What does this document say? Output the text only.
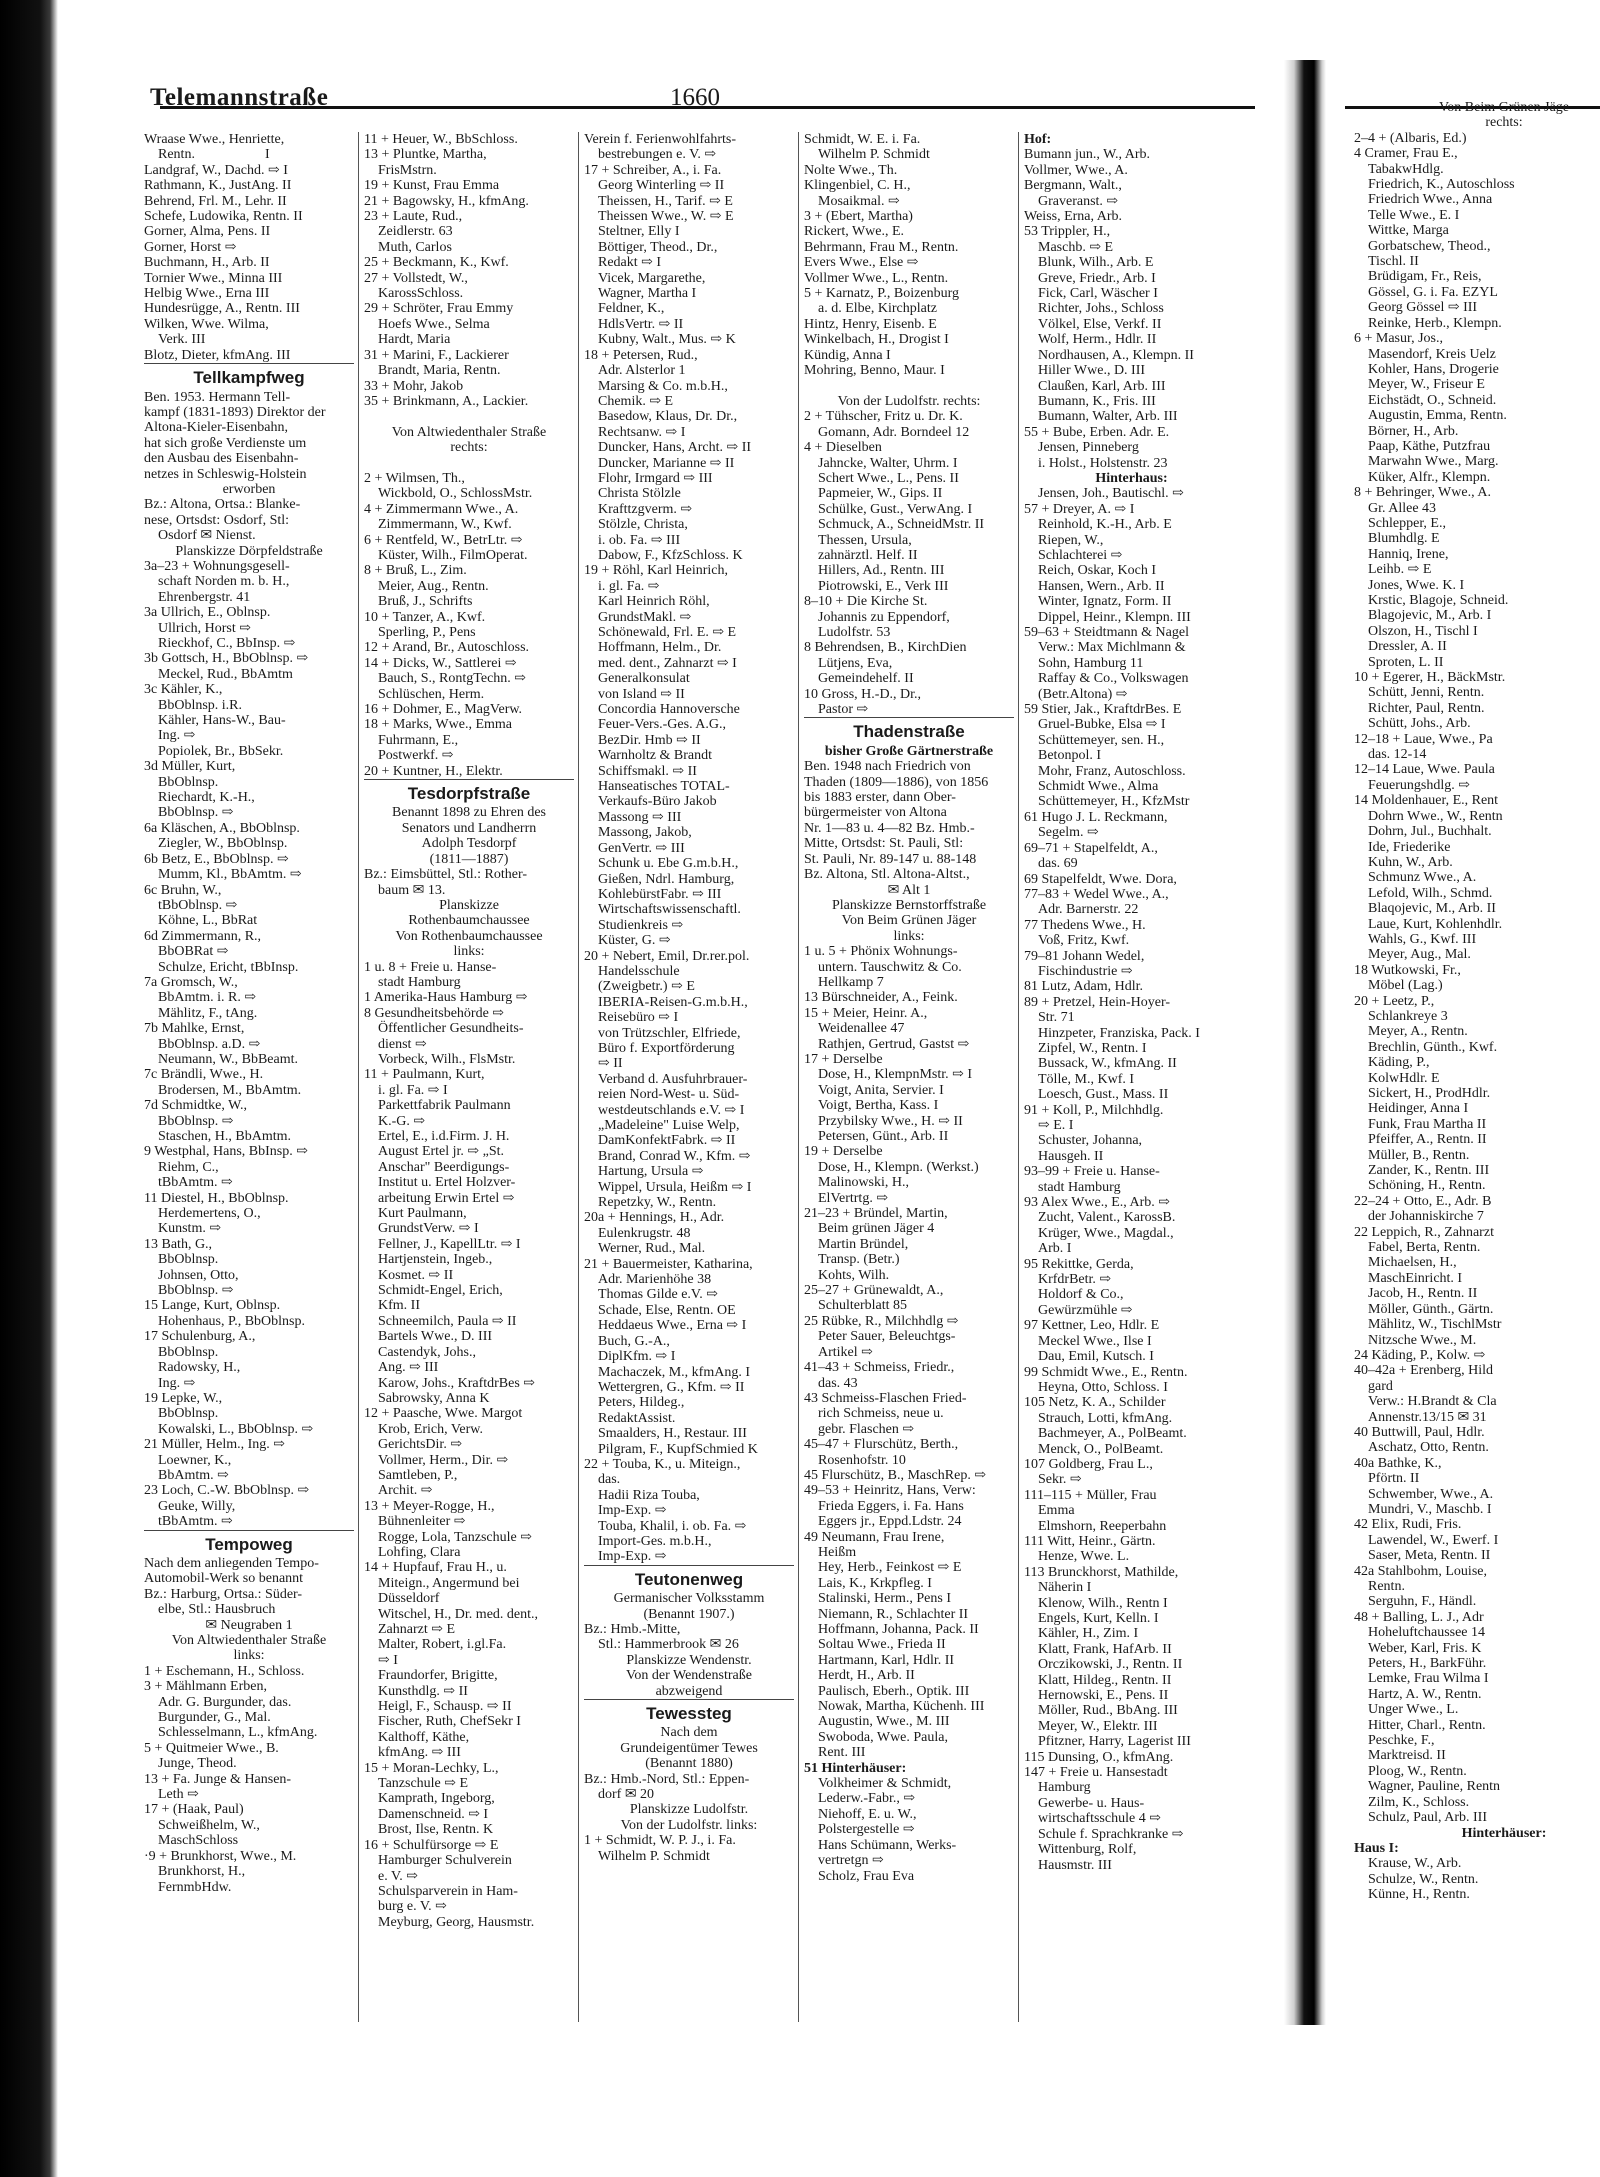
Telemannstraße	1660
Wraase Wwe., Henriette,
Rentn.                    I
Landgraf, W., Dachd. ⇨ I
Rathmann, K., JustAng. II
Behrend, Frl. M., Lehr. II
Schefe, Ludowika, Rentn. II
Gorner, Alma, Pens. II
Gorner, Horst ⇨
Buchmann, H., Arb. II
Tornier Wwe., Minna III
Helbig Wwe., Erna III
Hundesrügge, A., Rentn. III
Wilken, Wwe. Wilma,
Verk. III
Blotz, Dieter, kfmAng. III
Tellkampfweg
Ben. 1953. Hermann Tell-
kampf (1831-1893) Direktor der
Altona-Kieler-Eisenbahn,
hat sich große Verdienste um
den Ausbau des Eisenbahn-
netzes in Schleswig-Holstein
erworben
Bz.: Altona, Ortsa.: Blanke-
nese, Ortsdst: Osdorf, Stl:
Osdorf ✉ Nienst.
Planskizze Dörpfeldstraße
3a–23 + Wohnungsgesell-
schaft Norden m. b. H.,
Ehrenbergstr. 41
3a Ullrich, E., Oblnsp.
Ullrich, Horst ⇨
Rieckhof, C., BbInsp. ⇨
3b Gottsch, H., BbOblnsp. ⇨
Meckel, Rud., BbAmtm
3c Kähler, K.,
BbOblnsp. i.R.
Kähler, Hans-W., Bau-
Ing. ⇨
Popiolek, Br., BbSekr.
3d Müller, Kurt,
BbOblnsp.
Riechardt, K.-H.,
BbOblnsp. ⇨
6a Kläschen, A., BbOblnsp.
Ziegler, W., BbOblnsp.
6b Betz, E., BbOblnsp. ⇨
Mumm, Kl., BbAmtm. ⇨
6c Bruhn, W.,
tBbOblnsp. ⇨
Köhne, L., BbRat
6d Zimmermann, R.,
BbOBRat ⇨
Schulze, Ericht, tBbInsp.
7a Gromsch, W.,
BbAmtm. i. R. ⇨
Mählitz, F., tAng.
7b Mahlke, Ernst,
BbOblnsp. a.D. ⇨
Neumann, W., BbBeamt.
7c Brändli, Wwe., H.
Brodersen, M., BbAmtm.
7d Schmidtke, W.,
BbOblnsp. ⇨
Staschen, H., BbAmtm.
9 Westphal, Hans, BbInsp. ⇨
Riehm, C.,
tBbAmtm. ⇨
11 Diestel, H., BbOblnsp.
Herdemertens, O.,
Kunstm. ⇨
13 Bath, G.,
BbOblnsp.
Johnsen, Otto,
BbOblnsp. ⇨
15 Lange, Kurt, Oblnsp.
Hohenhaus, P., BbOblnsp.
17 Schulenburg, A.,
BbOblnsp.
Radowsky, H.,
Ing. ⇨
19 Lepke, W.,
BbOblnsp.
Kowalski, L., BbOblnsp. ⇨
21 Müller, Helm., Ing. ⇨
Loewner, K.,
BbAmtm. ⇨
23 Loch, C.-W. BbOblnsp. ⇨
Geuke, Willy,
tBbAmtm. ⇨
Tempoweg
Nach dem anliegenden Tempo-
Automobil-Werk so benannt
Bz.: Harburg, Ortsa.: Süder-
elbe, Stl.: Hausbruch
✉ Neugraben 1
Von Altwiedenthaler Straße
links:
1 + Eschemann, H., Schloss.
3 + Mählmann Erben,
Adr. G. Burgunder, das.
Burgunder, G., Mal.
Schlesselmann, L., kfmAng.
5 + Quitmeier Wwe., B.
Junge, Theod.
13 + Fa. Junge & Hansen-
Leth ⇨
17 + (Haak, Paul)
Schweißhelm, W.,
MaschSchloss
·9 + Brunkhorst, Wwe., M.
Brunkhorst, H.,
FernmbHdw.
11 + Heuer, W., BbSchloss.
13 + Pluntke, Martha,
FrisMstrn.
19 + Kunst, Frau Emma
21 + Bagowsky, H., kfmAng.
23 + Laute, Rud.,
Zeidlerstr. 63
Muth, Carlos
25 + Beckmann, K., Kwf.
27 + Vollstedt, W.,
KarossSchloss.
29 + Schröter, Frau Emmy
Hoefs Wwe., Selma
Hardt, Maria
31 + Marini, F., Lackierer
Brandt, Maria, Rentn.
33 + Mohr, Jakob
35 + Brinkmann, A., Lackier.

Von Altwiedenthaler Straße
rechts:

2 + Wilmsen, Th.,
Wickbold, O., SchlossMstr.
4 + Zimmermann Wwe., A.
Zimmermann, W., Kwf.
6 + Rentfeld, W., BetrLtr. ⇨
Küster, Wilh., FilmOperat.
8 + Bruß, L., Zim.
Meier, Aug., Rentn.
Bruß, J., Schrifts
10 + Tanzer, A., Kwf.
Sperling, P., Pens
12 + Arand, Br., Autoschloss.
14 + Dicks, W., Sattlerei ⇨
Bauch, S., RontgTechn. ⇨
Schlüschen, Herm.
16 + Dohmer, E., MagVerw.
18 + Marks, Wwe., Emma
Fuhrmann, E.,
Postwerkf. ⇨
20 + Kuntner, H., Elektr.
Tesdorpfstraße
Benannt 1898 zu Ehren des
Senators und Landherrn
Adolph Tesdorpf
(1811—1887)
Bz.: Eimsbüttel, Stl.: Rother-
baum ✉ 13.
Planskizze
Rothenbaumchaussee
Von Rothenbaumchaussee
links:
1 u. 8 + Freie u. Hanse-
stadt Hamburg
1 Amerika-Haus Hamburg ⇨
8 Gesundheitsbehörde ⇨
Öffentlicher Gesundheits-
dienst ⇨
Vorbeck, Wilh., FlsMstr.
11 + Paulmann, Kurt,
i. gl. Fa. ⇨ I
Parkettfabrik Paulmann
K.-G. ⇨
Ertel, E., i.d.Firm. J. H.
August Ertel jr. ⇨ „St.
Anschar" Beerdigungs-
Institut u. Ertel Holzver-
arbeitung Erwin Ertel ⇨
Kurt Paulmann,
GrundstVerw. ⇨ I
Fellner, J., KapellLtr. ⇨ I
Hartjenstein, Ingeb.,
Kosmet. ⇨ II
Schmidt-Engel, Erich,
Kfm. II
Schneemilch, Paula ⇨ II
Bartels Wwe., D. III
Castendyk, Johs.,
Ang. ⇨ III
Karow, Johs., KraftdrBes ⇨
Sabrowsky, Anna K
12 + Paasche, Wwe. Margot
Krob, Erich, Verw.
GerichtsDir. ⇨
Vollmer, Herm., Dir. ⇨
Samtleben, P.,
Archit. ⇨
13 + Meyer-Rogge, H.,
Bühnenleiter ⇨
Rogge, Lola, Tanzschule ⇨
Lohfing, Clara
14 + Hupfauf, Frau H., u.
Miteign., Angermund bei
Düsseldorf
Witschel, H., Dr. med. dent.,
Zahnarzt ⇨ E
Malter, Robert, i.gl.Fa.
⇨ I
Fraundorfer, Brigitte,
Kunsthdlg. ⇨ II
Heigl, F., Schausp. ⇨ II
Fischer, Ruth, ChefSekr I
Kalthoff, Käthe,
kfmAng. ⇨ III
15 + Moran-Lechky, L.,
Tanzschule ⇨ E
Kamprath, Ingeborg,
Damenschneid. ⇨ I
Brost, Ilse, Rentn. K
16 + Schulfürsorge ⇨ E
Hamburger Schulverein
e. V. ⇨
Schulsparverein in Ham-
burg e. V. ⇨
Meyburg, Georg, Hausmstr.
Verein f. Ferienwohlfahrts-
bestrebungen e. V. ⇨
17 + Schreiber, A., i. Fa.
Georg Winterling ⇨ II
Theissen, H., Tarif. ⇨ E
Theissen Wwe., W. ⇨ E
Steltner, Elly I
Böttiger, Theod., Dr.,
Redakt ⇨ I
Vicek, Margarethe,
Wagner, Martha I
Feldner, K.,
HdlsVertr. ⇨ II
Kubny, Walt., Mus. ⇨ K
18 + Petersen, Rud.,
Adr. Alsterlor 1
Marsing & Co. m.b.H.,
Chemik. ⇨ E
Basedow, Klaus, Dr. Dr.,
Rechtsanw. ⇨ I
Duncker, Hans, Archt. ⇨ II
Duncker, Marianne ⇨ II
Flohr, Irmgard ⇨ III
Christa Stölzle
Krafttzgverm. ⇨
Stölzle, Christa,
i. ob. Fa. ⇨ III
Dabow, F., KfzSchloss. K
19 + Röhl, Karl Heinrich,
i. gl. Fa. ⇨
Karl Heinrich Röhl,
GrundstMakl. ⇨
Schönewald, Frl. E. ⇨ E
Hoffmann, Helm., Dr.
med. dent., Zahnarzt ⇨ I
Generalkonsulat
von Island ⇨ II
Concordia Hannoversche
Feuer-Vers.-Ges. A.G.,
BezDir. Hmb ⇨ II
Warnholtz & Brandt
Schiffsmakl. ⇨ II
Hanseatisches TOTAL-
Verkaufs-Büro Jakob
Massong ⇨ III
Massong, Jakob,
GenVertr. ⇨ III
Schunk u. Ebe G.m.b.H.,
Gießen, Ndrl. Hamburg,
KohlebürstFabr. ⇨ III
Wirtschaftswissenschaftl.
Studienkreis ⇨
Küster, G. ⇨
20 + Nebert, Emil, Dr.rer.pol.
Handelsschule
(Zweigbetr.) ⇨ E
IBERIA-Reisen-G.m.b.H.,
Reisebüro ⇨ I
von Trützschler, Elfriede,
Büro f. Exportförderung
⇨ II
Verband d. Ausfuhrbrauer-
reien Nord-West- u. Süd-
westdeutschlands e.V. ⇨ I
„Madeleine" Luise Welp,
DamKonfektFabrk. ⇨ II
Brand, Conrad W., Kfm. ⇨
Hartung, Ursula ⇨
Wippel, Ursula, Heißm ⇨ I
Repetzky, W., Rentn.
20a + Hennings, H., Adr.
Eulenkrugstr. 48
Werner, Rud., Mal.
21 + Bauermeister, Katharina,
Adr. Marienhöhe 38
Thomas Gilde e.V. ⇨
Schade, Else, Rentn. OE
Heddaeus Wwe., Erna ⇨ I
Buch, G.-A.,
DiplKfm. ⇨ I
Machaczek, M., kfmAng. I
Wettergren, G., Kfm. ⇨ II
Peters, Hildeg.,
RedaktAssist.
Smaalders, H., Restaur. III
Pilgram, F., KupfSchmied K
22 + Touba, K., u. Miteign.,
das.
Hadii Riza Touba,
Imp-Exp. ⇨
Touba, Khalil, i. ob. Fa. ⇨
Import-Ges. m.b.H.,
Imp-Exp. ⇨
Teutonenweg
Germanischer Volksstamm
(Benannt 1907.)
Bz.: Hmb.-Mitte,
Stl.: Hammerbrook ✉ 26
Planskizze Wendenstr.
Von der Wendenstraße
abzweigend
Tewessteg
Nach dem
Grundeigentümer Tewes
(Benannt 1880)
Bz.: Hmb.-Nord, Stl.: Eppen-
dorf ✉ 20
Planskizze Ludolfstr.
Von der Ludolfstr. links:
1 + Schmidt, W. P. J., i. Fa.
Wilhelm P. Schmidt
Schmidt, W. E. i. Fa.
Wilhelm P. Schmidt
Nolte Wwe., Th.
Klingenbiel, C. H.,
Mosaikmal. ⇨
3 + (Ebert, Martha)
Rickert, Wwe., E.
Behrmann, Frau M., Rentn.
Evers Wwe., Else ⇨
Vollmer Wwe., L., Rentn.
5 + Karnatz, P., Boizenburg
a. d. Elbe, Kirchplatz
Hintz, Henry, Eisenb. E
Winkelbach, H., Drogist I
Kündig, Anna I
Mohring, Benno, Maur. I

Von der Ludolfstr. rechts:
2 + Tühscher, Fritz u. Dr. K.
Gomann, Adr. Borndeel 12
4 + Dieselben
Jahncke, Walter, Uhrm. I
Schert Wwe., L., Pens. II
Papmeier, W., Gips. II
Schülke, Gust., VerwAng. I
Schmuck, A., SchneidMstr. II
Thessen, Ursula,
zahnärztl. Helf. II
Hillers, Ad., Rentn. III
Piotrowski, E., Verk III
8–10 + Die Kirche St.
Johannis zu Eppendorf,
Ludolfstr. 53
8 Behrendsen, B., KirchDien
Lütjens, Eva,
Gemeindehelf. II
10 Gross, H.-D., Dr.,
Pastor ⇨
Thadenstraße
bisher Große Gärtnerstraße
Ben. 1948 nach Friedrich von
Thaden (1809—1886), von 1856
bis 1883 erster, dann Ober-
bürgermeister von Altona
Nr. 1—83 u. 4—82 Bz. Hmb.-
Mitte, Ortsdst: St. Pauli, Stl:
St. Pauli, Nr. 89-147 u. 88-148
Bz. Altona, Stl. Altona-Altst.,
✉ Alt 1
Planskizze Bernstorffstraße
Von Beim Grünen Jäger
links:
1 u. 5 + Phönix Wohnungs-
untern. Tauschwitz & Co.
Hellkamp 7
13 Bürschneider, A., Feink.
15 + Meier, Heinr. A.,
Weidenallee 47
Rathjen, Gertrud, Gastst ⇨
17 + Derselbe
Dose, H., KlempnMstr. ⇨ I
Voigt, Anita, Servier. I
Voigt, Bertha, Kass. I
Przybilsky Wwe., H. ⇨ II
Petersen, Günt., Arb. II
19 + Derselbe
Dose, H., Klempn. (Werkst.)
Malinowski, H.,
ElVertrtg. ⇨
21–23 + Bründel, Martin,
Beim grünen Jäger 4
Martin Bründel,
Transp. (Betr.)
Kohts, Wilh.
25–27 + Grünewaldt, A.,
Schulterblatt 85
25 Rübke, R., Milchhdlg ⇨
Peter Sauer, Beleuchtgs-
Artikel ⇨
41–43 + Schmeiss, Friedr.,
das. 43
43 Schmeiss-Flaschen Fried-
rich Schmeiss, neue u.
gebr. Flaschen ⇨
45–47 + Flurschütz, Berth.,
Rosenhofstr. 10
45 Flurschütz, B., MaschRep. ⇨
49–53 + Heinritz, Hans, Verw:
Frieda Eggers, i. Fa. Hans
Eggers jr., Eppd.Ldstr. 24
49 Neumann, Frau Irene,
Heißm
Hey, Herb., Feinkost ⇨ E
Lais, K., Krkpfleg. I
Stalinski, Herm., Pens I
Niemann, R., Schlachter II
Hoffmann, Johanna, Pack. II
Soltau Wwe., Frieda II
Hartmann, Karl, Hdlr. II
Herdt, H., Arb. II
Paulisch, Eberh., Optik. III
Nowak, Martha, Küchenh. III
Augustin, Wwe., M. III
Swoboda, Wwe. Paula,
Rent. III
51 Hinterhäuser:
Volkheimer & Schmidt,
Lederw.-Fabr., ⇨
Niehoff, E. u. W.,
Polstergestelle ⇨
Hans Schümann, Werks-
vertretgn ⇨
Scholz, Frau Eva
Hof:
Bumann jun., W., Arb.
Vollmer, Wwe., A.
Bergmann, Walt.,
Graveranst. ⇨
Weiss, Erna, Arb.
53 Trippler, H.,
Maschb. ⇨ E
Blunk, Wilh., Arb. E
Greve, Friedr., Arb. I
Fick, Carl, Wäscher I
Richter, Johs., Schloss
Völkel, Else, Verkf. II
Wolf, Herm., Hdlr. II
Nordhausen, A., Klempn. II
Hiller Wwe., D. III
Claußen, Karl, Arb. III
Bumann, K., Fris. III
Bumann, Walter, Arb. III
55 + Bube, Erben. Adr. E.
Jensen, Pinneberg
i. Holst., Holstenstr. 23
Hinterhaus:
Jensen, Joh., Bautischl. ⇨
57 + Dreyer, A. ⇨ I
Reinhold, K.-H., Arb. E
Riepen, W.,
Schlachterei ⇨
Reich, Oskar, Koch I
Hansen, Wern., Arb. II
Winter, Ignatz, Form. II
Dippel, Heinr., Klempn. III
59–63 + Steidtmann & Nagel
Verw.: Max Michlmann &
Sohn, Hamburg 11
Raffay & Co., Volkswagen
(Betr.Altona) ⇨
59 Stier, Jak., KraftdrBes. E
Gruel-Bubke, Elsa ⇨ I
Schüttemeyer, sen. H.,
Betonpol. I
Mohr, Franz, Autoschloss.
Schmidt Wwe., Alma
Schüttemeyer, H., KfzMstr
61 Hugo J. L. Reckmann,
Segelm. ⇨
69–71 + Stapelfeldt, A.,
das. 69
69 Stapelfeldt, Wwe. Dora,
77–83 + Wedel Wwe., A.,
Adr. Barnerstr. 22
77 Thedens Wwe., H.
Voß, Fritz, Kwf.
79–81 Johann Wedel,
Fischindustrie ⇨
81 Lutz, Adam, Hdlr.
89 + Pretzel, Hein-Hoyer-
Str. 71
Hinzpeter, Franziska, Pack. I
Zipfel, W., Rentn. I
Bussack, W., kfmAng. II
Tölle, M., Kwf. I
Loesch, Gust., Mass. II
91 + Koll, P., Milchhdlg.
⇨ E. I
Schuster, Johanna,
Hausgeh. II
93–99 + Freie u. Hanse-
stadt Hamburg
93 Alex Wwe., E., Arb. ⇨
Zucht, Valent., KarossB.
Krüger, Wwe., Magdal.,
Arb. I
95 Rekittke, Gerda,
KrfdrBetr. ⇨
Holdorf & Co.,
Gewürzmühle ⇨
97 Kettner, Leo, Hdlr. E
Meckel Wwe., Ilse I
Dau, Emil, Kutsch. I
99 Schmidt Wwe., E., Rentn.
Heyna, Otto, Schloss. I
105 Netz, K. A., Schilder
Strauch, Lotti, kfmAng.
Bachmeyer, A., PolBeamt.
Menck, O., PolBeamt.
107 Goldberg, Frau L.,
Sekr. ⇨
111–115 + Müller, Frau
Emma
Elmshorn, Reeperbahn
111 Witt, Heinr., Gärtn.
Henze, Wwe. L.
113 Brunckhorst, Mathilde,
Näherin I
Klenow, Wilh., Rentn I
Engels, Kurt, Kelln. I
Kähler, H., Zim. I
Klatt, Frank, HafArb. II
Orczikowski, J., Rentn. II
Klatt, Hildeg., Rentn. II
Hernowski, E., Pens. II
Möller, Rud., BbAng. III
Meyer, W., Elektr. III
Pfitzner, Harry, Lagerist III
115 Dunsing, O., kfmAng.
147 + Freie u. Hansestadt
Hamburg
Gewerbe- u. Haus-
wirtschaftsschule 4 ⇨
Schule f. Sprachkranke ⇨
Wittenburg, Rolf,
Hausmstr. III
Von Beim Grünen Jäge
rechts:
2–4 + (Albaris, Ed.)
4 Cramer, Frau E.,
TabakwHdlg.
Friedrich, K., Autoschloss
Friedrich Wwe., Anna
Telle Wwe., E. I
Wittke, Marga
Gorbatschew, Theod.,
Tischl. II
Brüdigam, Fr., Reis,
Gössel, G. i. Fa. EZYL
Georg Gössel ⇨ III
Reinke, Herb., Klempn.
6 + Masur, Jos.,
Masendorf, Kreis Uelz
Kohler, Hans, Drogerie
Meyer, W., Friseur E
Eichstädt, O., Schneid.
Augustin, Emma, Rentn.
Börner, H., Arb.
Paap, Käthe, Putzfrau
Marwahn Wwe., Marg.
Küker, Alfr., Klempn.
8 + Behringer, Wwe., A.
Gr. Allee 43
Schlepper, E.,
Blumhdlg. E
Hanniq, Irene,
Leihb. ⇨ E
Jones, Wwe. K. I
Krstic, Blagoje, Schneid.
Blagojevic, M., Arb. I
Olszon, H., Tischl I
Dressler, A. II
Sproten, L. II
10 + Egerer, H., BäckMstr.
Schütt, Jenni, Rentn.
Richter, Paul, Rentn.
Schütt, Johs., Arb.
12–18 + Laue, Wwe., Pa
das. 12-14
12–14 Laue, Wwe. Paula
Feuerungshdlg. ⇨
14 Moldenhauer, E., Rent
Dohrn Wwe., W., Rentn
Dohrn, Jul., Buchhalt.
Ide, Friederike
Kuhn, W., Arb.
Schmunz Wwe., A.
Lefold, Wilh., Schmd.
Blaqojevic, M., Arb. II
Laue, Kurt, Kohlenhdlr.
Wahls, G., Kwf. III
Meyer, Aug., Mal.
18 Wutkowski, Fr.,
Möbel (Lag.)
20 + Leetz, P.,
Schlankreye 3
Meyer, A., Rentn.
Brechlin, Günth., Kwf.
Käding, P.,
KolwHdlr. E
Sickert, H., ProdHdlr.
Heidinger, Anna I
Funk, Frau Martha II
Pfeiffer, A., Rentn. II
Müller, B., Rentn.
Zander, K., Rentn. III
Schöning, H., Rentn.
22–24 + Otto, E., Adr. B
der Johanniskirche 7
22 Leppich, R., Zahnarzt
Fabel, Berta, Rentn.
Michaelsen, H.,
MaschEinricht. I
Jacob, H., Rentn. II
Möller, Günth., Gärtn.
Mählitz, W., TischlMstr
Nitzsche Wwe., M.
24 Käding, P., Kolw. ⇨
40–42a + Erenberg, Hild
gard
Verw.: H.Brandt & Cla
Annenstr.13/15 ✉ 31
40 Buttwill, Paul, Hdlr.
Aschatz, Otto, Rentn.
40a Bathke, K.,
Pförtn. II
Schwember, Wwe., A.
Mundri, V., Maschb. I
42 Elix, Rudi, Fris.
Lawendel, W., Ewerf. I
Saser, Meta, Rentn. II
42a Stahlbohm, Louise,
Rentn.
Serguhn, F., Händl.
48 + Balling, L. J., Adr
Hoheluftchaussee 14
Weber, Karl, Fris. K
Peters, H., BarkFühr.
Lemke, Frau Wilma I
Hartz, A. W., Rentn.
Unger Wwe., L.
Hitter, Charl., Rentn.
Peschke, F.,
Marktreisd. II
Ploog, W., Rentn.
Wagner, Pauline, Rentn
Zilm, K., Schloss.
Schulz, Paul, Arb. III
Hinterhäuser:
Haus I:
Krause, W., Arb.
Schulze, W., Rentn.
Künne, H., Rentn.
